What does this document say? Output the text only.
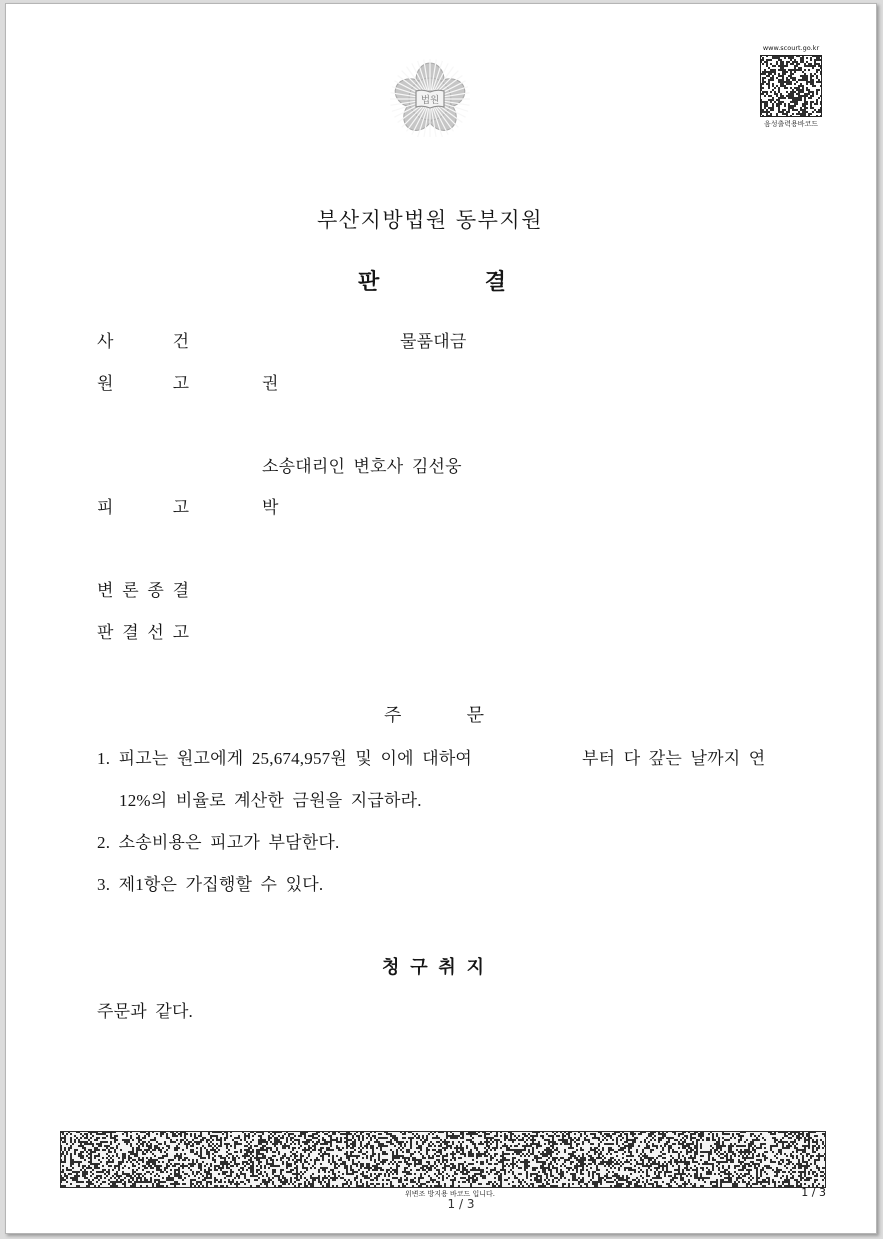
법원
www.scourt.go.kr
음성출력용바코드
부산지방법원 동부지원
판 결
사 건	물품대금
원 고	권
소송대리인 변호사 김선웅
피 고	박
변 론 종 결
판 결 선 고
주 문
1. 피고는 원고에게 25,674,957원 및 이에 대하여	부터 다 갚는 날까지 연
12%의 비율로 계산한 금원을 지급하라.
2. 소송비용은 피고가 부담한다.
3. 제1항은 가집행할 수 있다.
청 구 취 지
주문과 같다.
위변조 방지용 바코드 입니다.
1 / 3
1 / 3
